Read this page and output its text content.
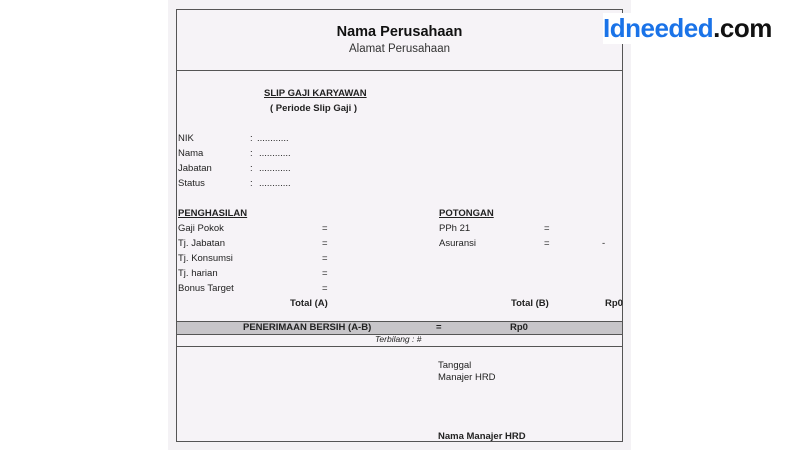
Nama Perusahaan
Alamat Perusahaan
SLIP GAJI KARYAWAN
( Periode Slip Gaji )
NIK	: ............
Nama	: ............
Jabatan	: ............
Status	: ............
PENGHASILAN
Gaji Pokok	=
Tj. Jabatan	=
Tj. Konsumsi	=
Tj. harian	=
Bonus Target	=
Total (A)
POTONGAN
PPh 21	=
Asuransi	=	-
Total (B)	Rp0
PENERIMAAN BERSIH (A-B)	=	Rp0
Terbilang : #
Tanggal
Manajer HRD
Nama Manajer HRD
Idneeded.com
